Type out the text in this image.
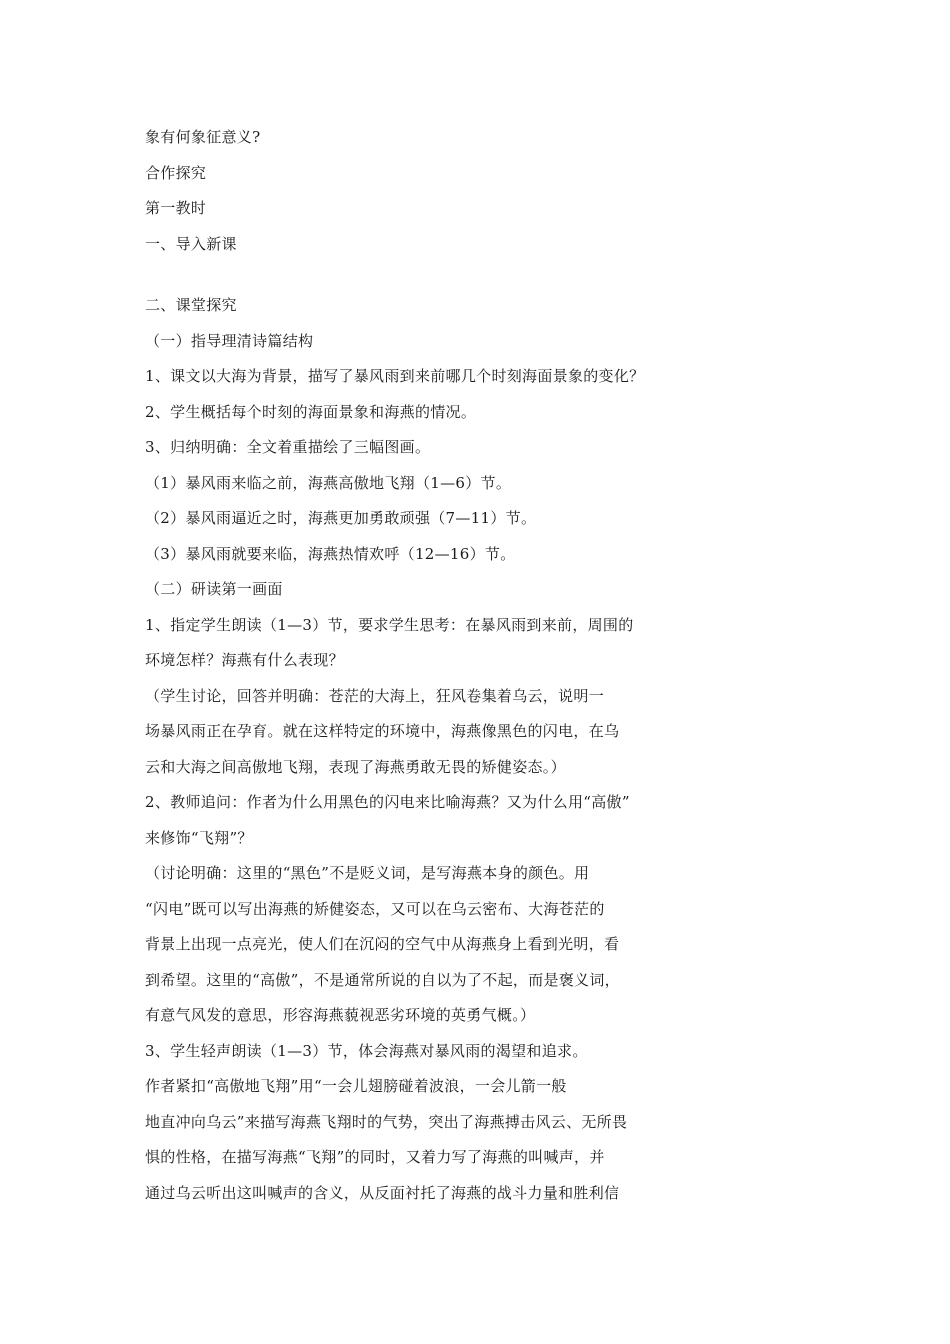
象有何象征意义?
合作探究
第一教时
一、导入新课
二、课堂探究
（一）指导理清诗篇结构
1、课文以大海为背景，描写了暴风雨到来前哪几个时刻海面景象的变化？
2、学生概括每个时刻的海面景象和海燕的情况。
3、归纳明确：全文着重描绘了三幅图画。
（1）暴风雨来临之前，海燕高傲地飞翔（1—6）节。
（2）暴风雨逼近之时，海燕更加勇敢顽强（7—11）节。
（3）暴风雨就要来临，海燕热情欢呼（12—16）节。
（二）研读第一画面
1、指定学生朗读（1—3）节，要求学生思考：在暴风雨到来前，周围的
环境怎样？海燕有什么表现？
（学生讨论，回答并明确：苍茫的大海上，狂风卷集着乌云，说明一
场暴风雨正在孕育。就在这样特定的环境中，海燕像黑色的闪电，在乌
云和大海之间高傲地飞翔，表现了海燕勇敢无畏的矫健姿态。）
2、教师追问：作者为什么用黑色的闪电来比喻海燕？又为什么用“高傲”
来修饰“飞翔”？
（讨论明确：这里的“黑色”不是贬义词，是写海燕本身的颜色。用
“闪电”既可以写出海燕的矫健姿态，又可以在乌云密布、大海苍茫的
背景上出现一点亮光，使人们在沉闷的空气中从海燕身上看到光明，看
到希望。这里的“高傲”，不是通常所说的自以为了不起，而是褒义词，
有意气风发的意思，形容海燕藐视恶劣环境的英勇气概。）
3、学生轻声朗读（1—3）节，体会海燕对暴风雨的渴望和追求。
作者紧扣“高傲地飞翔”用“一会儿翅膀碰着波浪，一会儿箭一般
地直冲向乌云”来描写海燕飞翔时的气势，突出了海燕搏击风云、无所畏
惧的性格，在描写海燕“飞翔”的同时，又着力写了海燕的叫喊声，并
通过乌云听出这叫喊声的含义，从反面衬托了海燕的战斗力量和胜利信
